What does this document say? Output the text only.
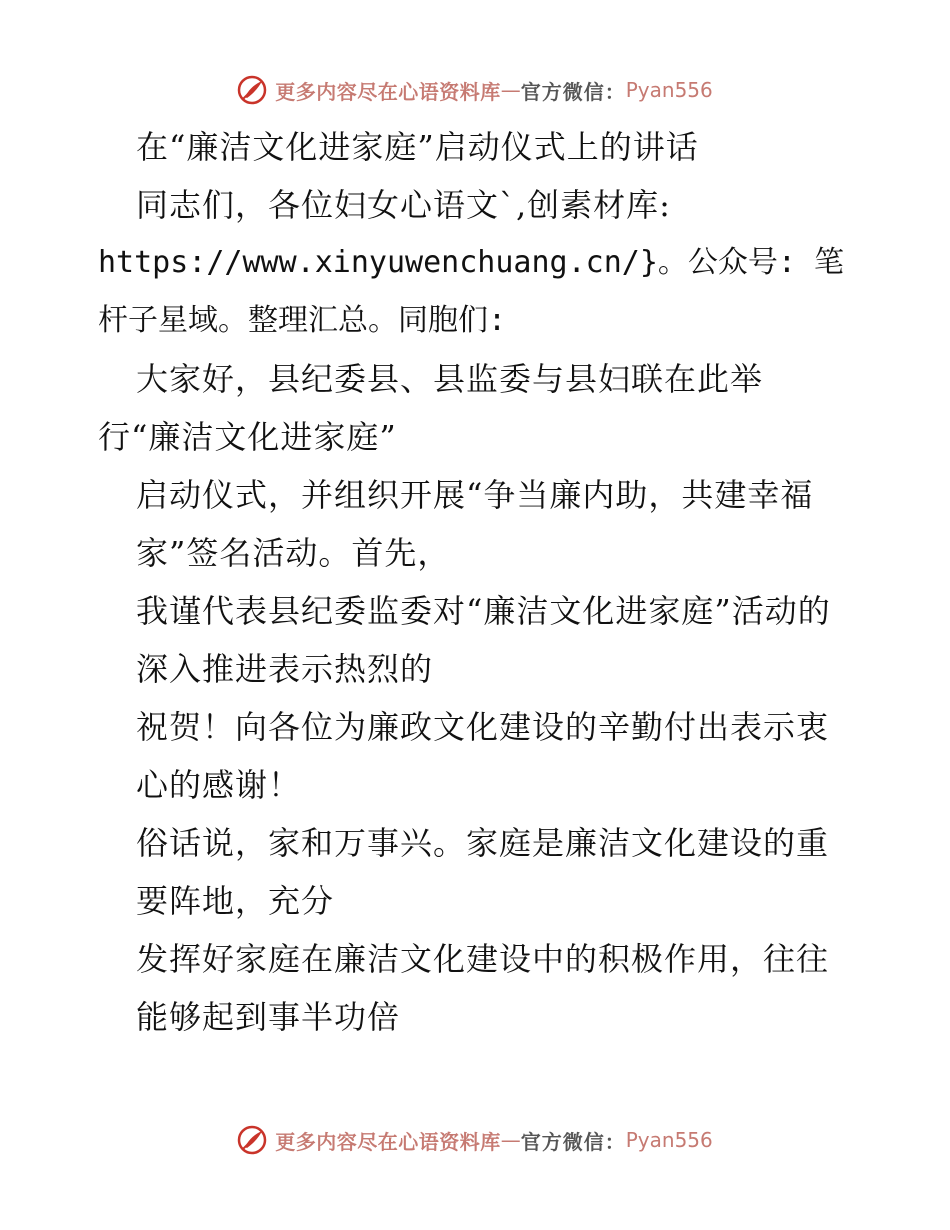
更多内容尽在心语资料库 — 官方微信： Pyan556

在“廉洁文化进家庭”启动仪式上的讲话

同志们，各位妇女心语文`,创素材库:

https://www.xinyuwenchuang.cn/}。公众号: 笔杆子星域。整理汇总。同胞们:

大家好，县纪委县、县监委与县妇联在此举

行“廉洁文化进家庭”

启动仪式，并组织开展“争当廉内助，共建幸福家”签名活动。首先，

我谨代表县纪委监委对“廉洁文化进家庭”活动的深入推进表示热烈的

祝贺！向各位为廉政文化建设的辛勤付出表示衷心的感谢！

俗话说，家和万事兴。家庭是廉洁文化建设的重要阵地，充分

发挥好家庭在廉洁文化建设中的积极作用，往往能够起到事半功倍

更多内容尽在心语资料库 — 官方微信： Pyan556
